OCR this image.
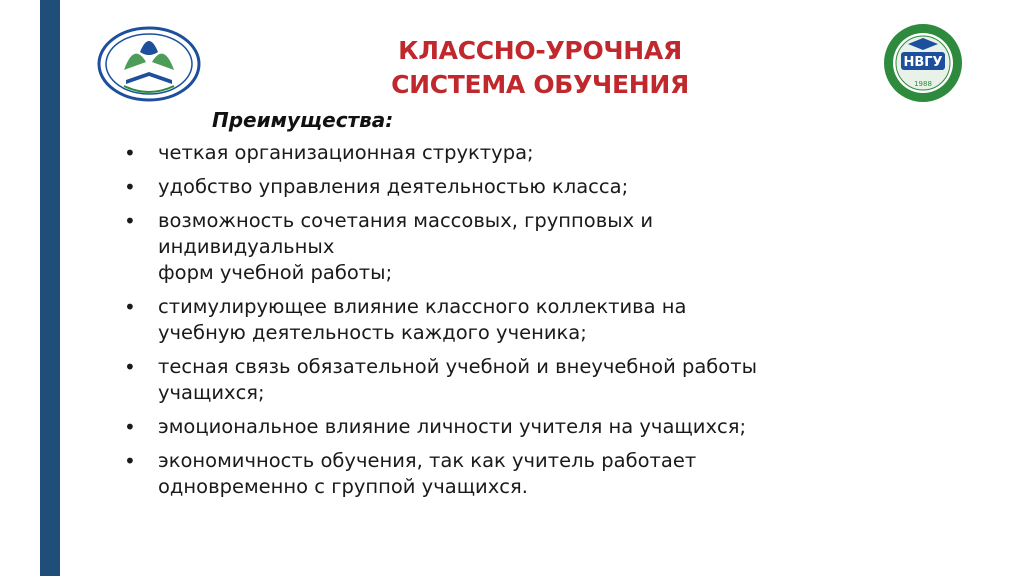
КЛАССНО-УРОЧНАЯ
СИСТЕМА ОБУЧЕНИЯ
НВГУ
1988
Преимущества:
• четкая организационная структура;
• удобство управления деятельностью класса;
• возможность сочетания массовых, групповых и
индивидуальных
форм учебной работы;
• стимулирующее влияние классного коллектива на
учебную деятельность каждого ученика;
• тесная связь обязательной учебной и внеучебной работы
учащихся;
• эмоциональное влияние личности учителя на учащихся;
• экономичность обучения, так как учитель работает
одновременно с группой учащихся.
